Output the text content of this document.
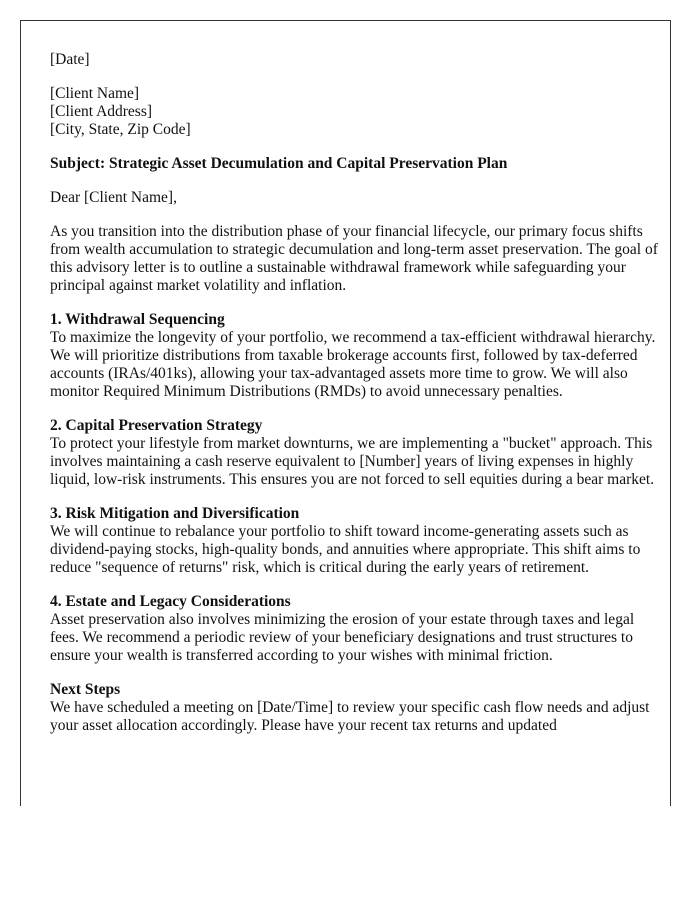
[Date]

[Client Name]
[Client Address]
[City, State, Zip Code]

Subject: Strategic Asset Decumulation and Capital Preservation Plan

Dear [Client Name],

As you transition into the distribution phase of your financial lifecycle, our primary focus shifts from wealth accumulation to strategic decumulation and long-term asset preservation. The goal of this advisory letter is to outline a sustainable withdrawal framework while safeguarding your principal against market volatility and inflation.

1. Withdrawal Sequencing
To maximize the longevity of your portfolio, we recommend a tax-efficient withdrawal hierarchy. We will prioritize distributions from taxable brokerage accounts first, followed by tax-deferred accounts (IRAs/401ks), allowing your tax-advantaged assets more time to grow. We will also monitor Required Minimum Distributions (RMDs) to avoid unnecessary penalties.
2. Capital Preservation Strategy
To protect your lifestyle from market downturns, we are implementing a "bucket" approach. This involves maintaining a cash reserve equivalent to [Number] years of living expenses in highly liquid, low-risk instruments. This ensures you are not forced to sell equities during a bear market.
3. Risk Mitigation and Diversification
We will continue to rebalance your portfolio to shift toward income-generating assets such as dividend-paying stocks, high-quality bonds, and annuities where appropriate. This shift aims to reduce "sequence of returns" risk, which is critical during the early years of retirement.
4. Estate and Legacy Considerations
Asset preservation also involves minimizing the erosion of your estate through taxes and legal fees. We recommend a periodic review of your beneficiary designations and trust structures to ensure your wealth is transferred according to your wishes with minimal friction.
Next Steps
We have scheduled a meeting on [Date/Time] to review your specific cash flow needs and adjust your asset allocation accordingly. Please have your recent tax returns and updated
